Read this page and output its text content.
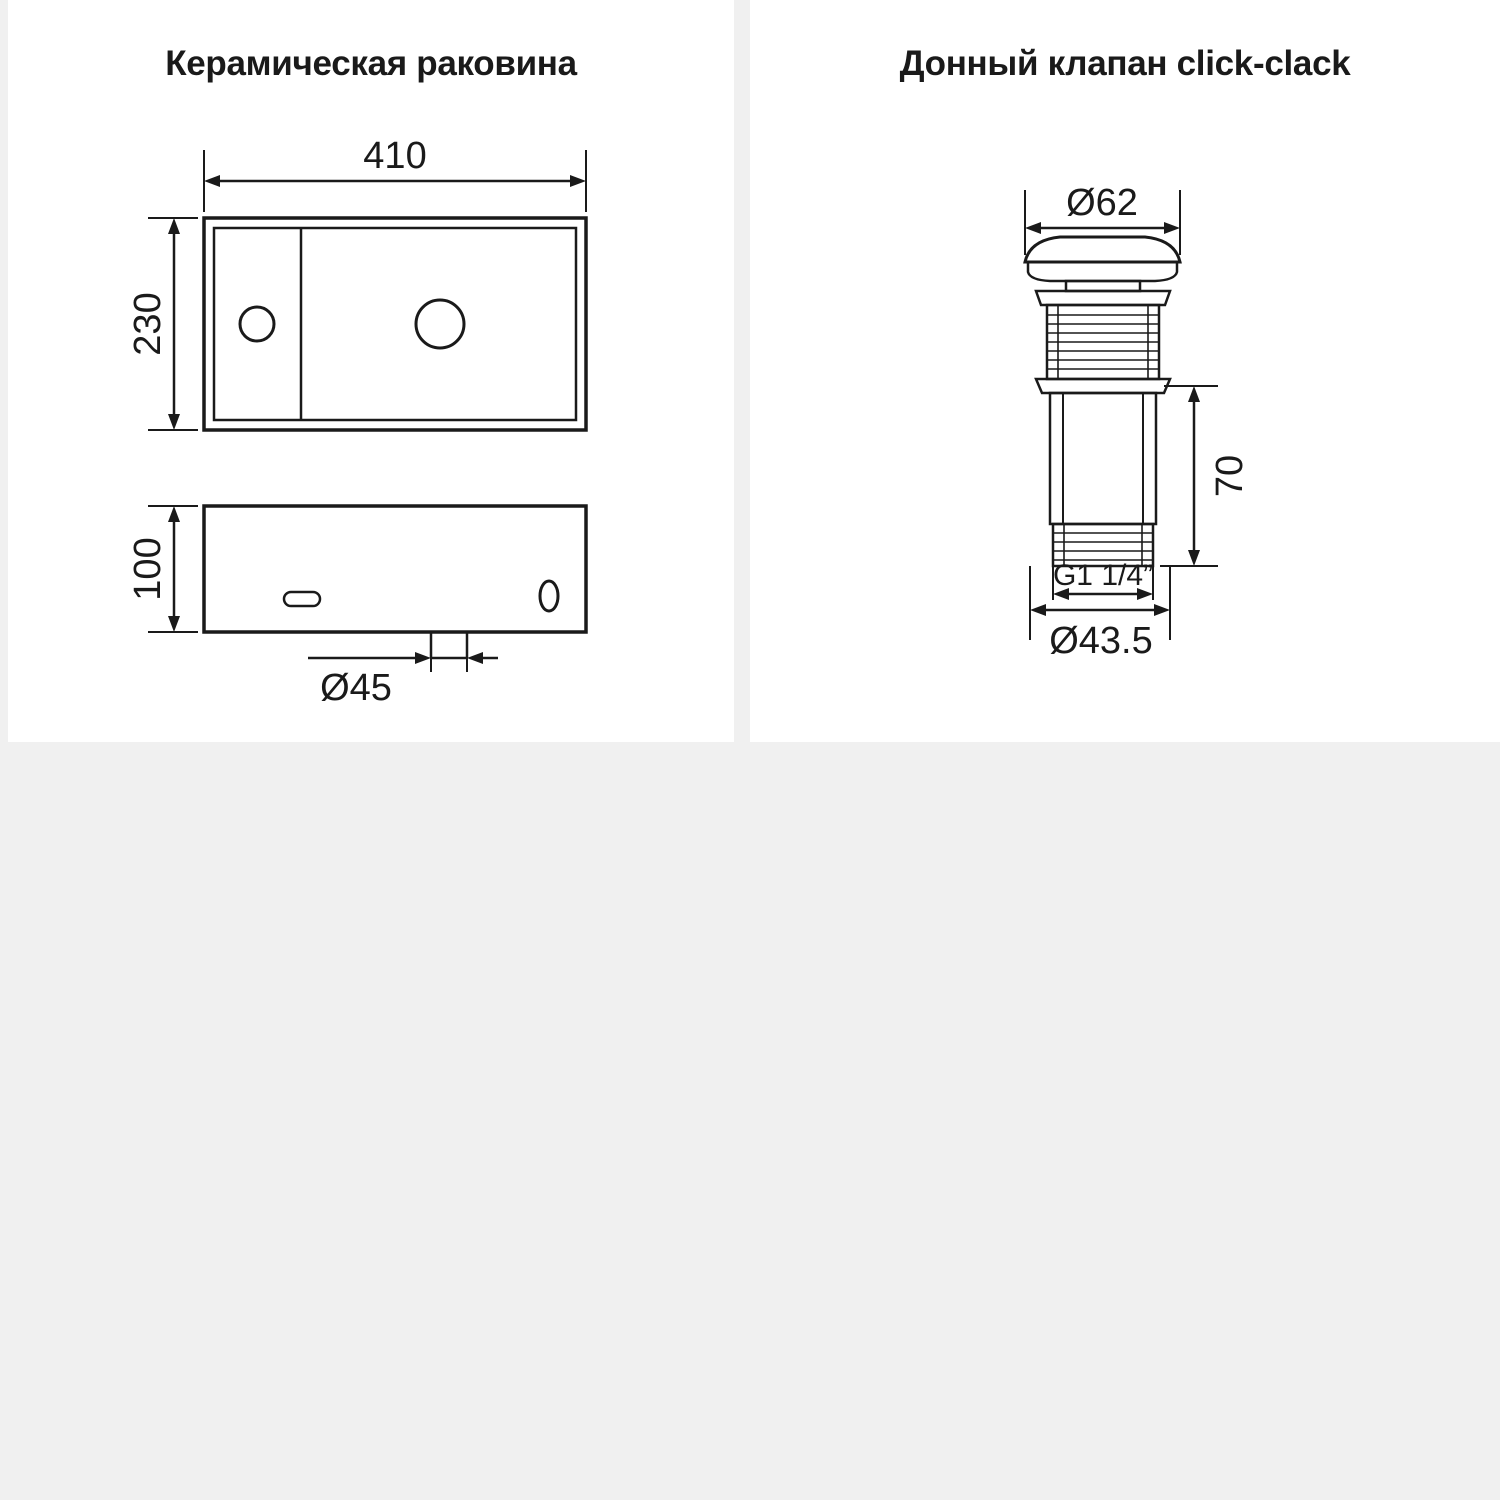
Керамическая раковина
410
230
100
Ø45
Донный клапан click-clack
Ø62
70
G1 1/4”
Ø43.5
